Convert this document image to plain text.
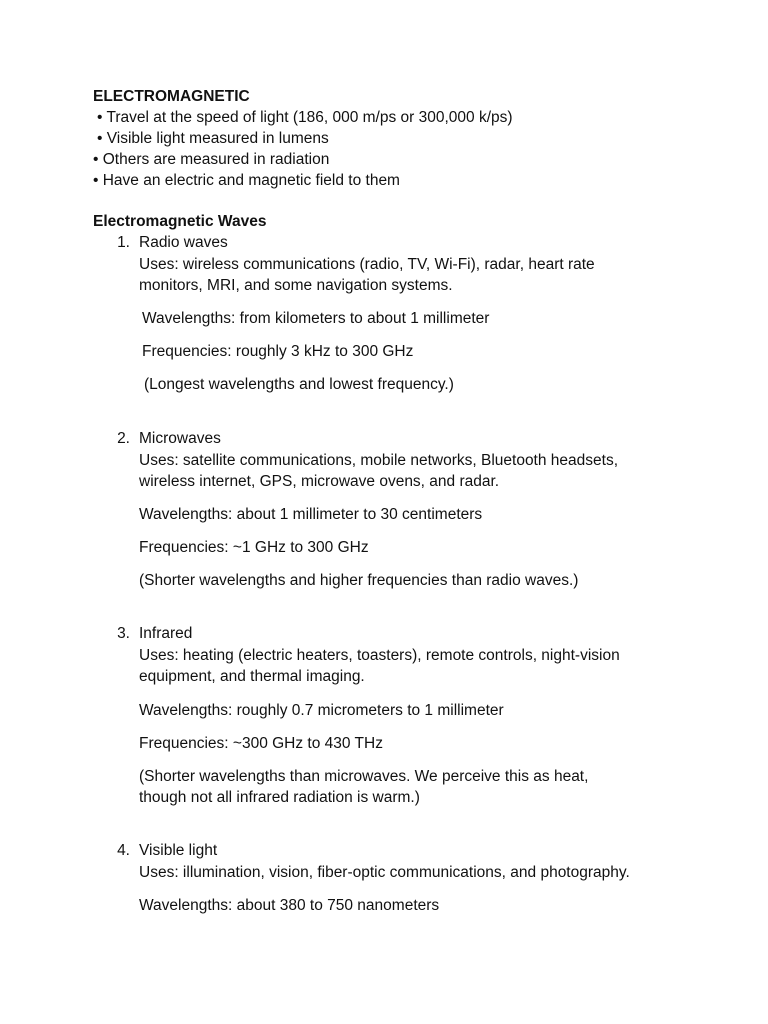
ELECTROMAGNETIC
• Travel at the speed of light (186, 000 m/ps or 300,000 k/ps)
• Visible light measured in lumens
• Others are measured in radiation
• Have an electric and magnetic field to them
Electromagnetic Waves
1. Radio waves
Uses: wireless communications (radio, TV, Wi-Fi), radar, heart rate
monitors, MRI, and some navigation systems.
Wavelengths: from kilometers to about 1 millimeter
Frequencies: roughly 3 kHz to 300 GHz
(Longest wavelengths and lowest frequency.)
2. Microwaves
Uses: satellite communications, mobile networks, Bluetooth headsets,
wireless internet, GPS, microwave ovens, and radar.
Wavelengths: about 1 millimeter to 30 centimeters
Frequencies: ~1 GHz to 300 GHz
(Shorter wavelengths and higher frequencies than radio waves.)
3. Infrared
Uses: heating (electric heaters, toasters), remote controls, night-vision
equipment, and thermal imaging.
Wavelengths: roughly 0.7 micrometers to 1 millimeter
Frequencies: ~300 GHz to 430 THz
(Shorter wavelengths than microwaves. We perceive this as heat,
though not all infrared radiation is warm.)
4. Visible light
Uses: illumination, vision, fiber-optic communications, and photography.
Wavelengths: about 380 to 750 nanometers
